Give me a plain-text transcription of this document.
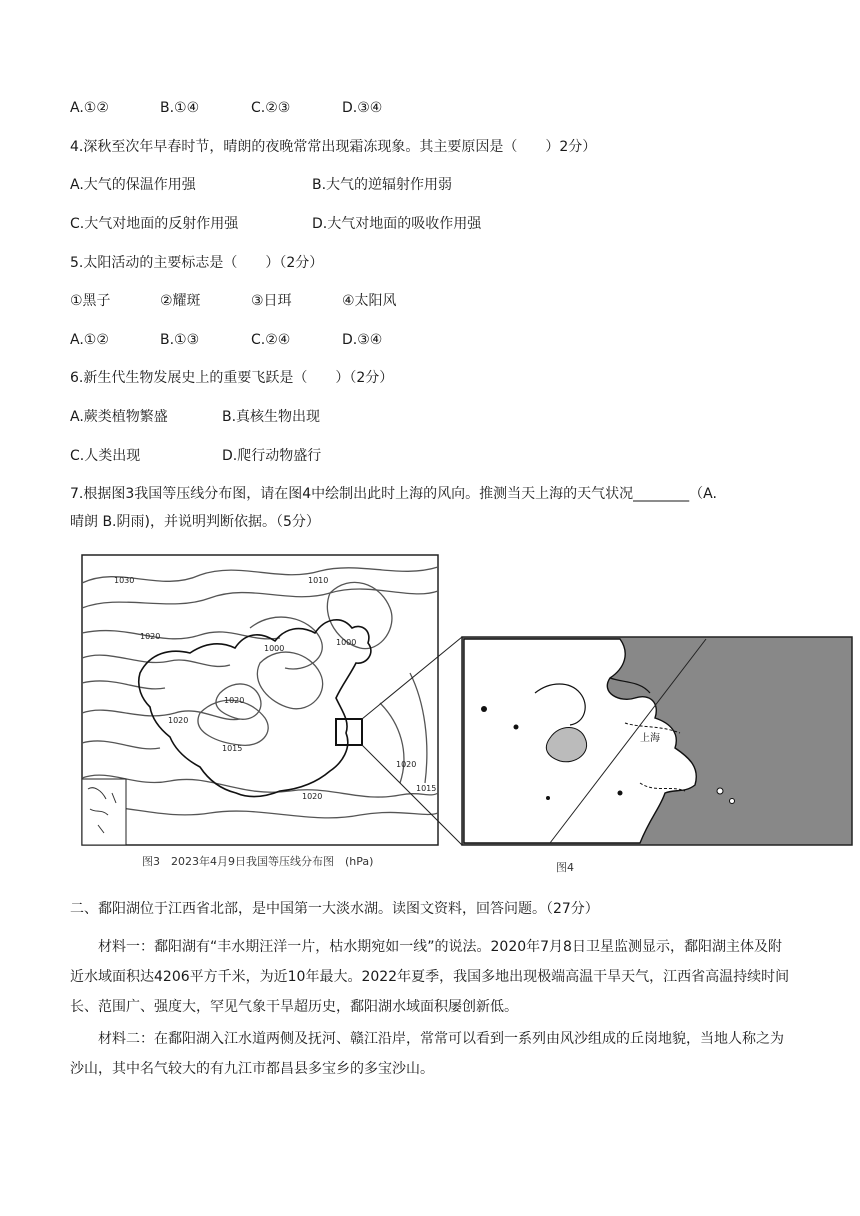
A.①②	B.①④	C.②③	D.③④
4.深秋至次年早春时节，晴朗的夜晚常常出现霜冻现象。其主要原因是（　　）2分）
A.大气的保温作用强	B.大气的逆辐射作用弱
C.大气对地面的反射作用强	D.大气对地面的吸收作用强
5.太阳活动的主要标志是（　　）（2分）
①黑子	②耀斑	③日珥	④太阳风
A.①②	B.①③	C.②④	D.③④
6.新生代生物发展史上的重要飞跃是（　　）（2分）
A.蕨类植物繁盛	B.真核生物出现
C.人类出现	D.爬行动物盛行
7.根据图3我国等压线分布图，请在图4中绘制出此时上海的风向。推测当天上海的天气状况________（A.
晴朗 B.阴雨)，并说明判断依据。（5分）
1030	1010
1020
1000
1000
1020
1020
1015
1020
1020
1015
上海
图3　2023年4月9日我国等压线分布图　(hPa)	图4
二、鄱阳湖位于江西省北部，是中国第一大淡水湖。读图文资料，回答问题。（27分）
材料一：鄱阳湖有“丰水期汪洋一片，枯水期宛如一线”的说法。2020年7月8日卫星监测显示，鄱阳湖主体及附近水域面积达4206平方千米，为近10年最大。2022年夏季，我国多地出现极端高温干旱天气，江西省高温持续时间长、范围广、强度大，罕见气象干旱超历史，鄱阳湖水域面积屡创新低。
材料二：在鄱阳湖入江水道两侧及抚河、赣江沿岸，常常可以看到一系列由风沙组成的丘岗地貌，当地人称之为沙山，其中名气较大的有九江市都昌县多宝乡的多宝沙山。
